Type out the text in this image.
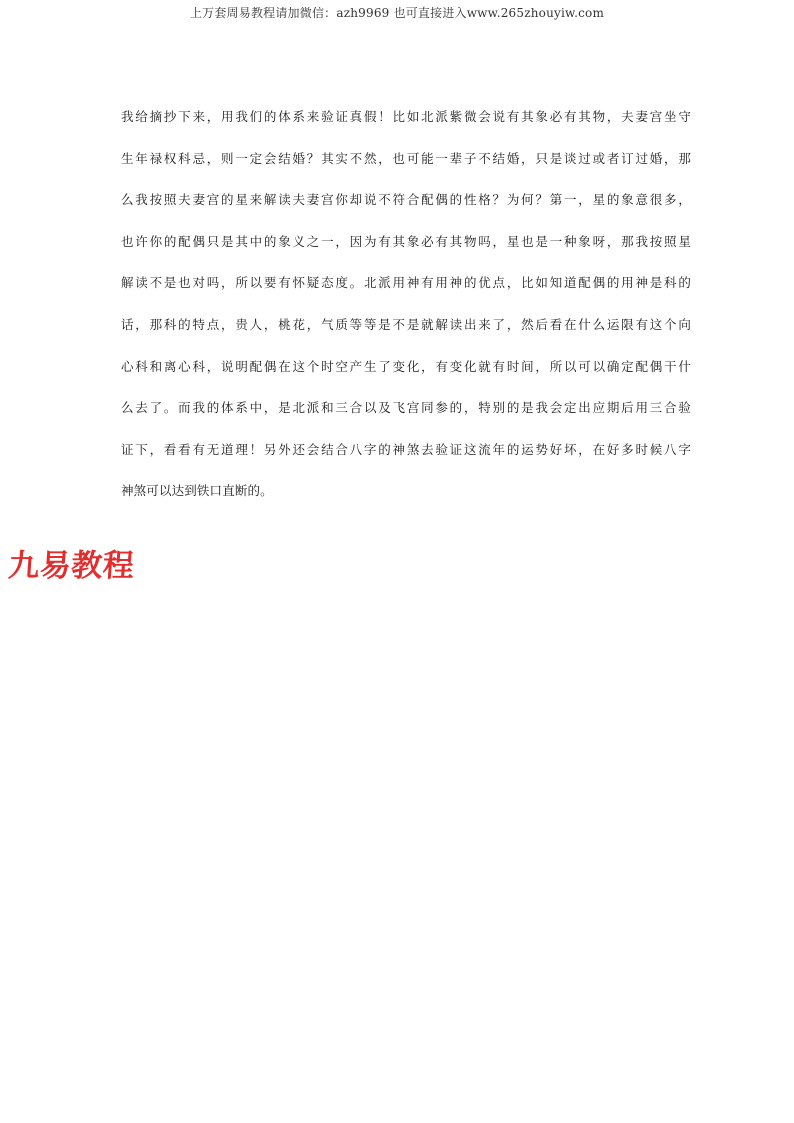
上万套周易教程请加微信：azh9969 也可直接进入www.265zhouyiw.com
我给摘抄下来，用我们的体系来验证真假！比如北派紫微会说有其象必有其物，夫妻宫坐守
生年禄权科忌，则一定会结婚？其实不然，也可能一辈子不结婚，只是谈过或者订过婚，那
么我按照夫妻宫的星来解读夫妻宫你却说不符合配偶的性格？为何？第一，星的象意很多，
也许你的配偶只是其中的象义之一，因为有其象必有其物吗，星也是一种象呀，那我按照星
解读不是也对吗，所以要有怀疑态度。北派用神有用神的优点，比如知道配偶的用神是科的
话，那科的特点，贵人，桃花，气质等等是不是就解读出来了，然后看在什么运限有这个向
心科和离心科，说明配偶在这个时空产生了变化，有变化就有时间，所以可以确定配偶干什
么去了。而我的体系中，是北派和三合以及飞宫同参的，特别的是我会定出应期后用三合验
证下，看看有无道理！另外还会结合八字的神煞去验证这流年的运势好坏，在好多时候八字
神煞可以达到铁口直断的。
九易教程
